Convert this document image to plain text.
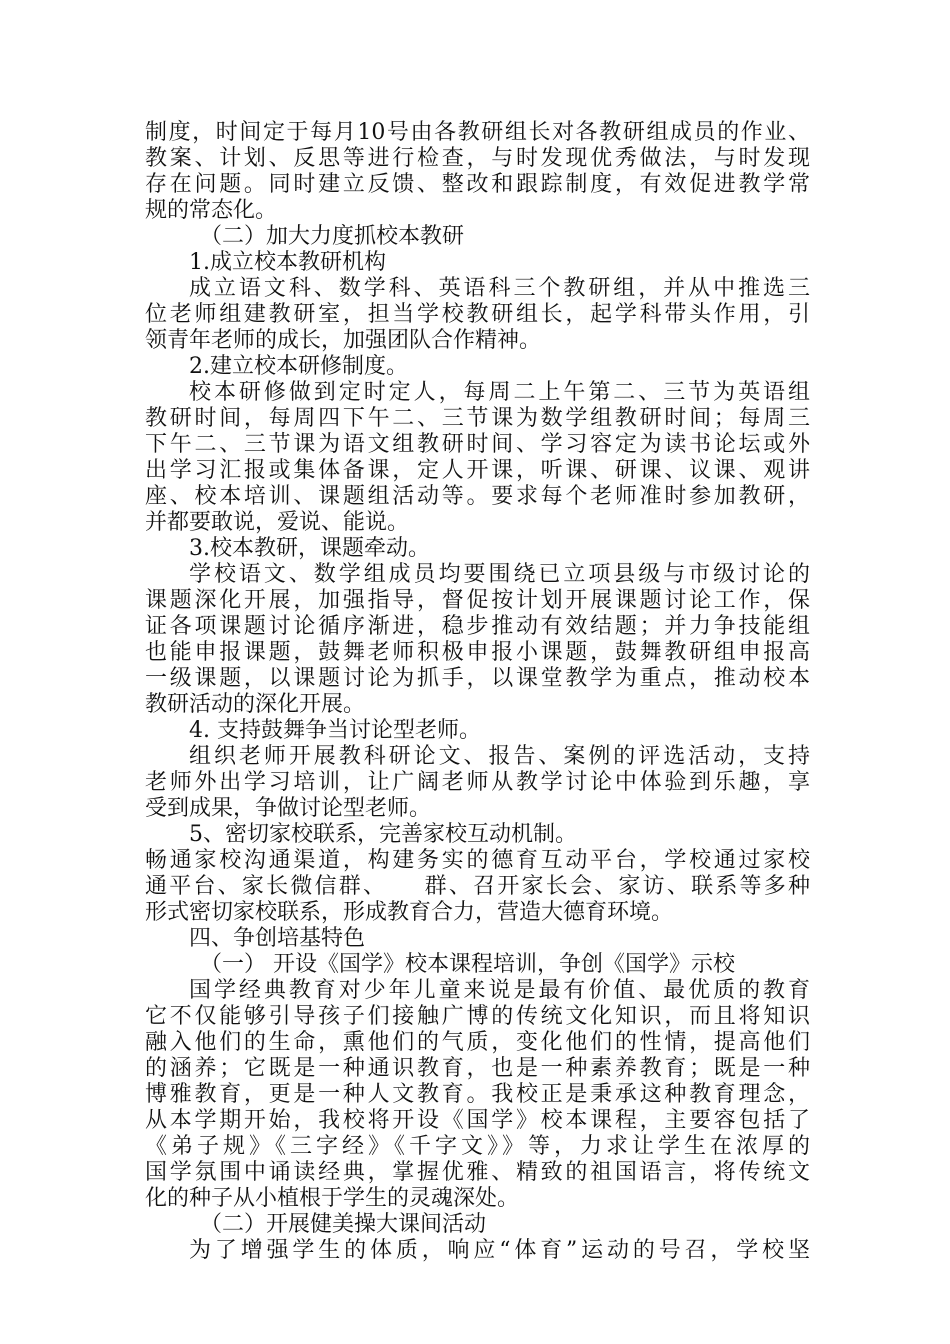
制度，时间定于每月10号由各教研组长对各教研组成员的作业、
教案、计划、反思等进行检查，与时发现优秀做法，与时发现
存在问题。同时建立反馈、整改和跟踪制度，有效促进教学常
规的常态化。
（二）加大力度抓校本教研
1.成立校本教研机构
成立语文科、数学科、英语科三个教研组，并从中推选三
位老师组建教研室，担当学校教研组长，起学科带头作用，引
领青年老师的成长，加强团队合作精神。
2.建立校本研修制度。
校本研修做到定时定人，每周二上午第二、三节为英语组
教研时间，每周四下午二、三节课为数学组教研时间；每周三
下午二、三节课为语文组教研时间、学习容定为读书论坛或外
出学习汇报或集体备课，定人开课，听课、研课、议课、观讲
座、校本培训、课题组活动等。要求每个老师准时参加教研，
并都要敢说，爱说、能说。
3.校本教研，课题牵动。
学校语文、数学组成员均要围绕已立项县级与市级讨论的
课题深化开展，加强指导，督促按计划开展课题讨论工作，保
证各项课题讨论循序渐进，稳步推动有效结题；并力争技能组
也能申报课题，鼓舞老师积极申报小课题，鼓舞教研组申报高
一级课题，以课题讨论为抓手，以课堂教学为重点，推动校本
教研活动的深化开展。
4. 支持鼓舞争当讨论型老师。
组织老师开展教科研论文、报告、案例的评选活动，支持
老师外出学习培训，让广阔老师从教学讨论中体验到乐趣，享
受到成果，争做讨论型老师。
5、密切家校联系，完善家校互动机制。
畅通家校沟通渠道，构建务实的德育互动平台，学校通过家校
通平台、家长微信群、　　群、召开家长会、家访、联系等多种
形式密切家校联系，形成教育合力，营造大德育环境。
四、争创培基特色
（一） 开设《国学》校本课程培训，争创《国学》示校
国学经典教育对少年儿童来说是最有价值、最优质的教育
它不仅能够引导孩子们接触广博的传统文化知识，而且将知识
融入他们的生命，熏他们的气质，变化他们的性情，提高他们
的涵养；它既是一种通识教育，也是一种素养教育；既是一种
博雅教育，更是一种人文教育。我校正是秉承这种教育理念，
从本学期开始，我校将开设《国学》校本课程，主要容包括了
《弟子规》《三字经》《千字文》》等，力求让学生在浓厚的
国学氛围中诵读经典，掌握优雅、精致的祖国语言，将传统文
化的种子从小植根于学生的灵魂深处。
（二）开展健美操大课间活动
为了增强学生的体质，响应“体育”运动的号召，学校坚
